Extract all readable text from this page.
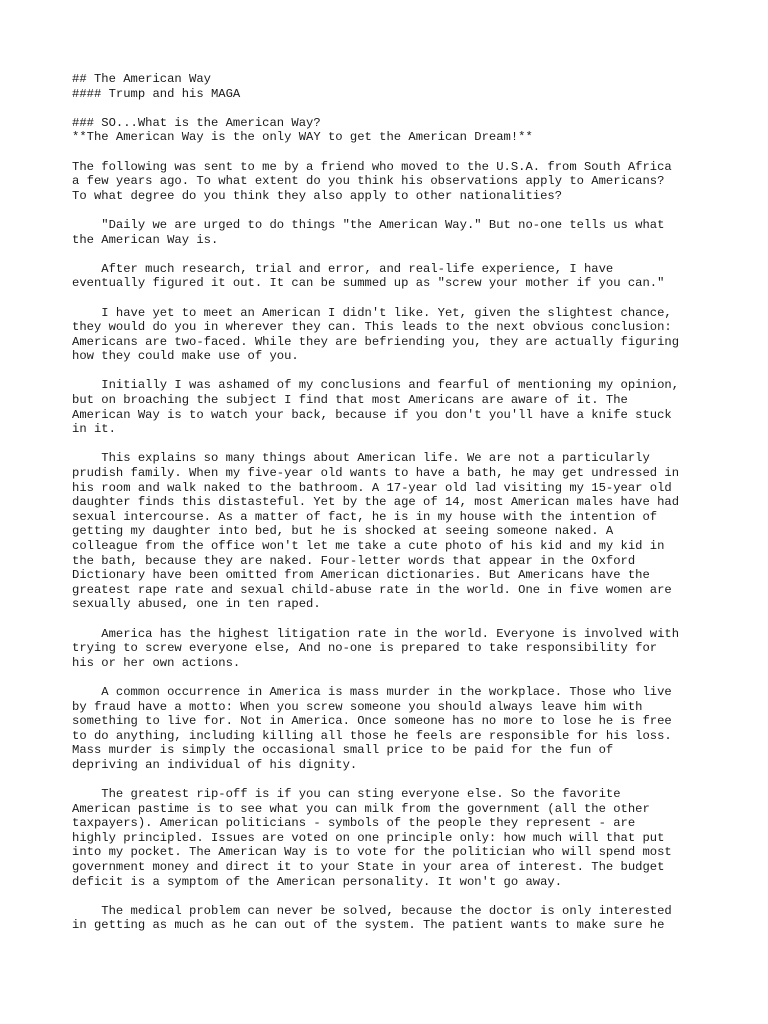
## The American Way
#### Trump and his MAGA
### SO...What is the American Way?
**The American Way is the only WAY to get the American Dream!**
The following was sent to me by a friend who moved to the U.S.A. from South Africa
a few years ago. To what extent do you think his observations apply to Americans?
To what degree do you think they also apply to other nationalities?
"Daily we are urged to do things "the American Way." But no-one tells us what
the American Way is.
After much research, trial and error, and real-life experience, I have
eventually figured it out. It can be summed up as "screw your mother if you can."
I have yet to meet an American I didn't like. Yet, given the slightest chance,
they would do you in wherever they can. This leads to the next obvious conclusion:
Americans are two-faced. While they are befriending you, they are actually figuring
how they could make use of you.
Initially I was ashamed of my conclusions and fearful of mentioning my opinion,
but on broaching the subject I find that most Americans are aware of it. The
American Way is to watch your back, because if you don't you'll have a knife stuck
in it.
This explains so many things about American life. We are not a particularly
prudish family. When my five-year old wants to have a bath, he may get undressed in
his room and walk naked to the bathroom. A 17-year old lad visiting my 15-year old
daughter finds this distasteful. Yet by the age of 14, most American males have had
sexual intercourse. As a matter of fact, he is in my house with the intention of
getting my daughter into bed, but he is shocked at seeing someone naked. A
colleague from the office won't let me take a cute photo of his kid and my kid in
the bath, because they are naked. Four-letter words that appear in the Oxford
Dictionary have been omitted from American dictionaries. But Americans have the
greatest rape rate and sexual child-abuse rate in the world. One in five women are
sexually abused, one in ten raped.
America has the highest litigation rate in the world. Everyone is involved with
trying to screw everyone else, And no-one is prepared to take responsibility for
his or her own actions.
A common occurrence in America is mass murder in the workplace. Those who live
by fraud have a motto: When you screw someone you should always leave him with
something to live for. Not in America. Once someone has no more to lose he is free
to do anything, including killing all those he feels are responsible for his loss.
Mass murder is simply the occasional small price to be paid for the fun of
depriving an individual of his dignity.
The greatest rip-off is if you can sting everyone else. So the favorite
American pastime is to see what you can milk from the government (all the other
taxpayers). American politicians - symbols of the people they represent - are
highly principled. Issues are voted on one principle only: how much will that put
into my pocket. The American Way is to vote for the politician who will spend most
government money and direct it to your State in your area of interest. The budget
deficit is a symptom of the American personality. It won't go away.
The medical problem can never be solved, because the doctor is only interested
in getting as much as he can out of the system. The patient wants to make sure he
